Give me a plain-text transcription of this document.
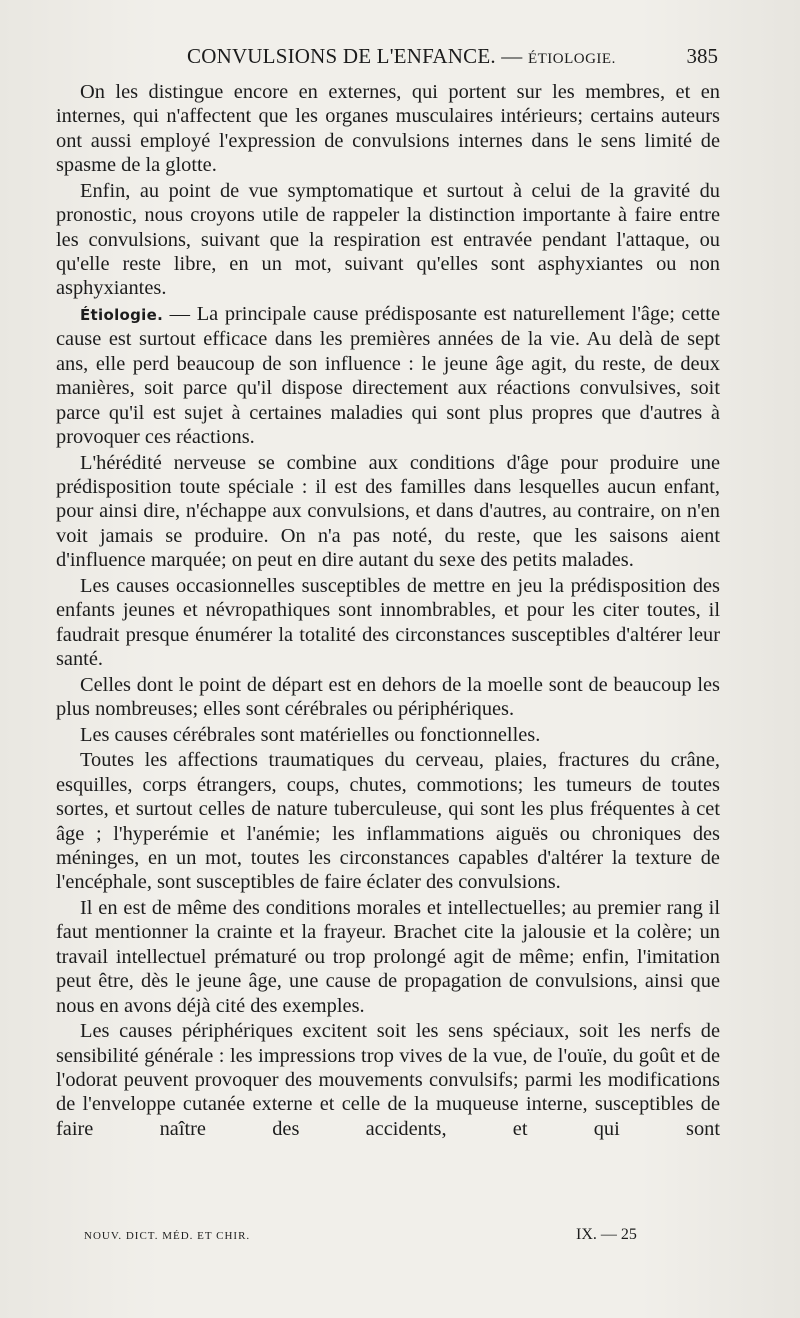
CONVULSIONS DE L'ENFANCE. — ÉTIOLOGIE.	385

On les distingue encore en externes, qui portent sur les membres, et en internes, qui n'affectent que les organes musculaires intérieurs; certains auteurs ont aussi employé l'expression de convulsions internes dans le sens limité de spasme de la glotte.

Enfin, au point de vue symptomatique et surtout à celui de la gravité du pronostic, nous croyons utile de rappeler la distinction importante à faire entre les convulsions, suivant que la respiration est entravée pendant l'attaque, ou qu'elle reste libre, en un mot, suivant qu'elles sont asphyxiantes ou non asphyxiantes.

Étiologie. — La principale cause prédisposante est naturellement l'âge; cette cause est surtout efficace dans les premières années de la vie. Au delà de sept ans, elle perd beaucoup de son influence : le jeune âge agit, du reste, de deux manières, soit parce qu'il dispose directement aux réactions convulsives, soit parce qu'il est sujet à certaines maladies qui sont plus propres que d'autres à provoquer ces réactions.

L'hérédité nerveuse se combine aux conditions d'âge pour produire une prédisposition toute spéciale : il est des familles dans lesquelles aucun enfant, pour ainsi dire, n'échappe aux convulsions, et dans d'autres, au contraire, on n'en voit jamais se produire. On n'a pas noté, du reste, que les saisons aient d'influence marquée; on peut en dire autant du sexe des petits malades.

Les causes occasionnelles susceptibles de mettre en jeu la prédisposition des enfants jeunes et névropathiques sont innombrables, et pour les citer toutes, il faudrait presque énumérer la totalité des circonstances susceptibles d'altérer leur santé.

Celles dont le point de départ est en dehors de la moelle sont de beaucoup les plus nombreuses; elles sont cérébrales ou périphériques.

Les causes cérébrales sont matérielles ou fonctionnelles.

Toutes les affections traumatiques du cerveau, plaies, fractures du crâne, esquilles, corps étrangers, coups, chutes, commotions; les tumeurs de toutes sortes, et surtout celles de nature tuberculeuse, qui sont les plus fréquentes à cet âge ; l'hyperémie et l'anémie; les inflammations aiguës ou chroniques des méninges, en un mot, toutes les circonstances capables d'altérer la texture de l'encéphale, sont susceptibles de faire éclater des convulsions.

Il en est de même des conditions morales et intellectuelles; au premier rang il faut mentionner la crainte et la frayeur. Brachet cite la jalousie et la colère; un travail intellectuel prématuré ou trop prolongé agit de même; enfin, l'imitation peut être, dès le jeune âge, une cause de propagation de convulsions, ainsi que nous en avons déjà cité des exemples.

Les causes périphériques excitent soit les sens spéciaux, soit les nerfs de sensibilité générale : les impressions trop vives de la vue, de l'ouïe, du goût et de l'odorat peuvent provoquer des mouvements convulsifs; parmi les modifications de l'enveloppe cutanée externe et celle de la muqueuse interne, susceptibles de faire naître des accidents, et qui sont

NOUV. DICT. MÉD. ET CHIR.	IX. — 25
